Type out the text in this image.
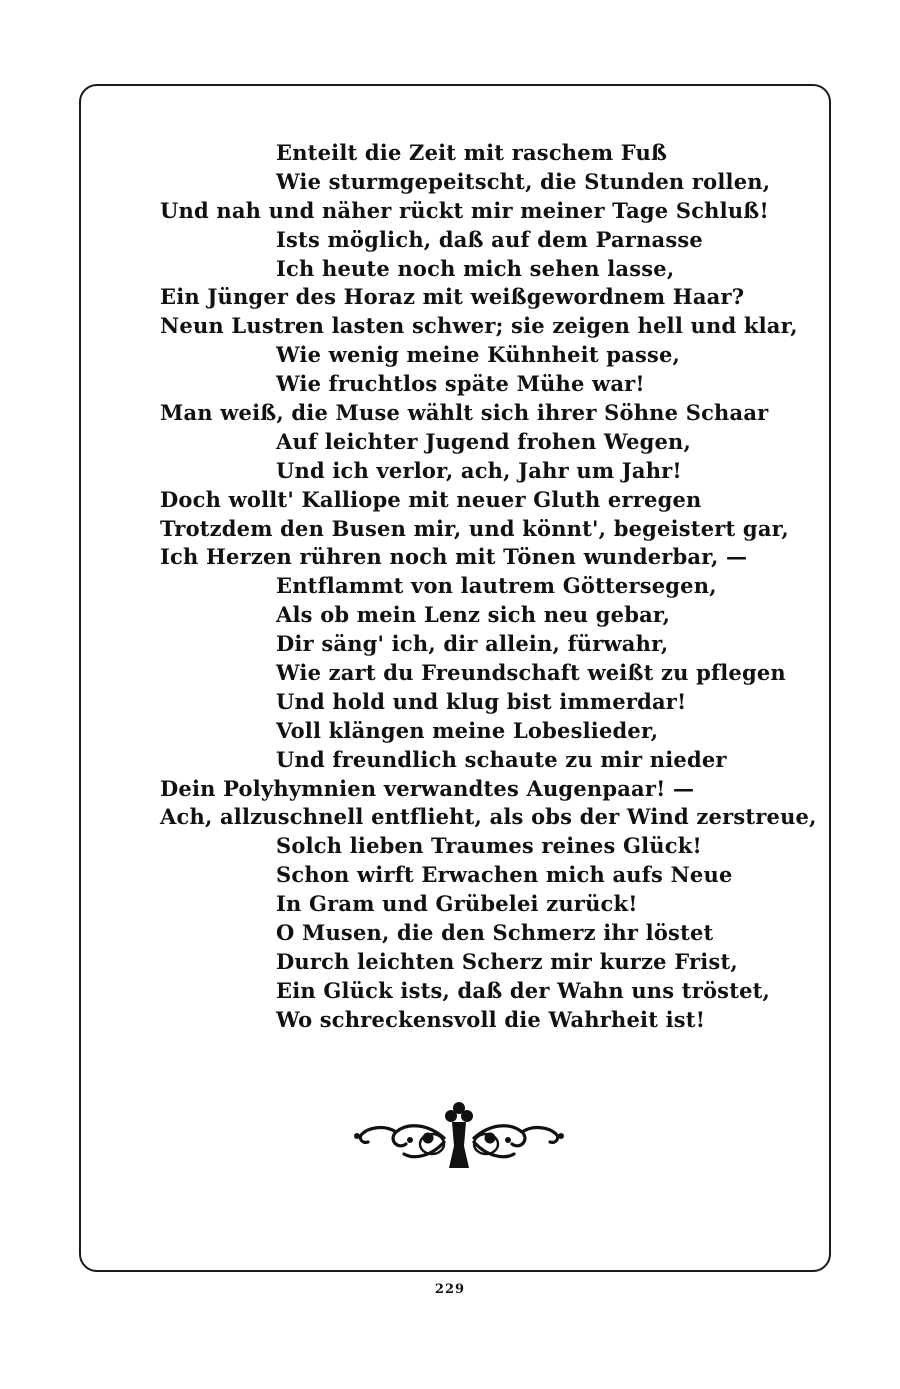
Enteilt die Zeit mit raschem Fuß
Wie sturmgepeitscht, die Stunden rollen,
Und nah und näher rückt mir meiner Tage Schluß!
Ists möglich, daß auf dem Parnasse
Ich heute noch mich sehen lasse,
Ein Jünger des Horaz mit weißgewordnem Haar?
Neun Lustren lasten schwer; sie zeigen hell und klar,
Wie wenig meine Kühnheit passe,
Wie fruchtlos späte Mühe war!
Man weiß, die Muse wählt sich ihrer Söhne Schaar
Auf leichter Jugend frohen Wegen,
Und ich verlor, ach, Jahr um Jahr!
Doch wollt' Kalliope mit neuer Gluth erregen
Trotzdem den Busen mir, und könnt', begeistert gar,
Ich Herzen rühren noch mit Tönen wunderbar, —
Entflammt von lautrem Göttersegen,
Als ob mein Lenz sich neu gebar,
Dir säng' ich, dir allein, fürwahr,
Wie zart du Freundschaft weißt zu pflegen
Und hold und klug bist immerdar!
Voll klängen meine Lobeslieder,
Und freundlich schaute zu mir nieder
Dein Polyhymnien verwandtes Augenpaar! —
Ach, allzuschnell entflieht, als obs der Wind zerstreue,
Solch lieben Traumes reines Glück!
Schon wirft Erwachen mich aufs Neue
In Gram und Grübelei zurück!
O Musen, die den Schmerz ihr löstet
Durch leichten Scherz mir kurze Frist,
Ein Glück ists, daß der Wahn uns tröstet,
Wo schreckensvoll die Wahrheit ist!
229
